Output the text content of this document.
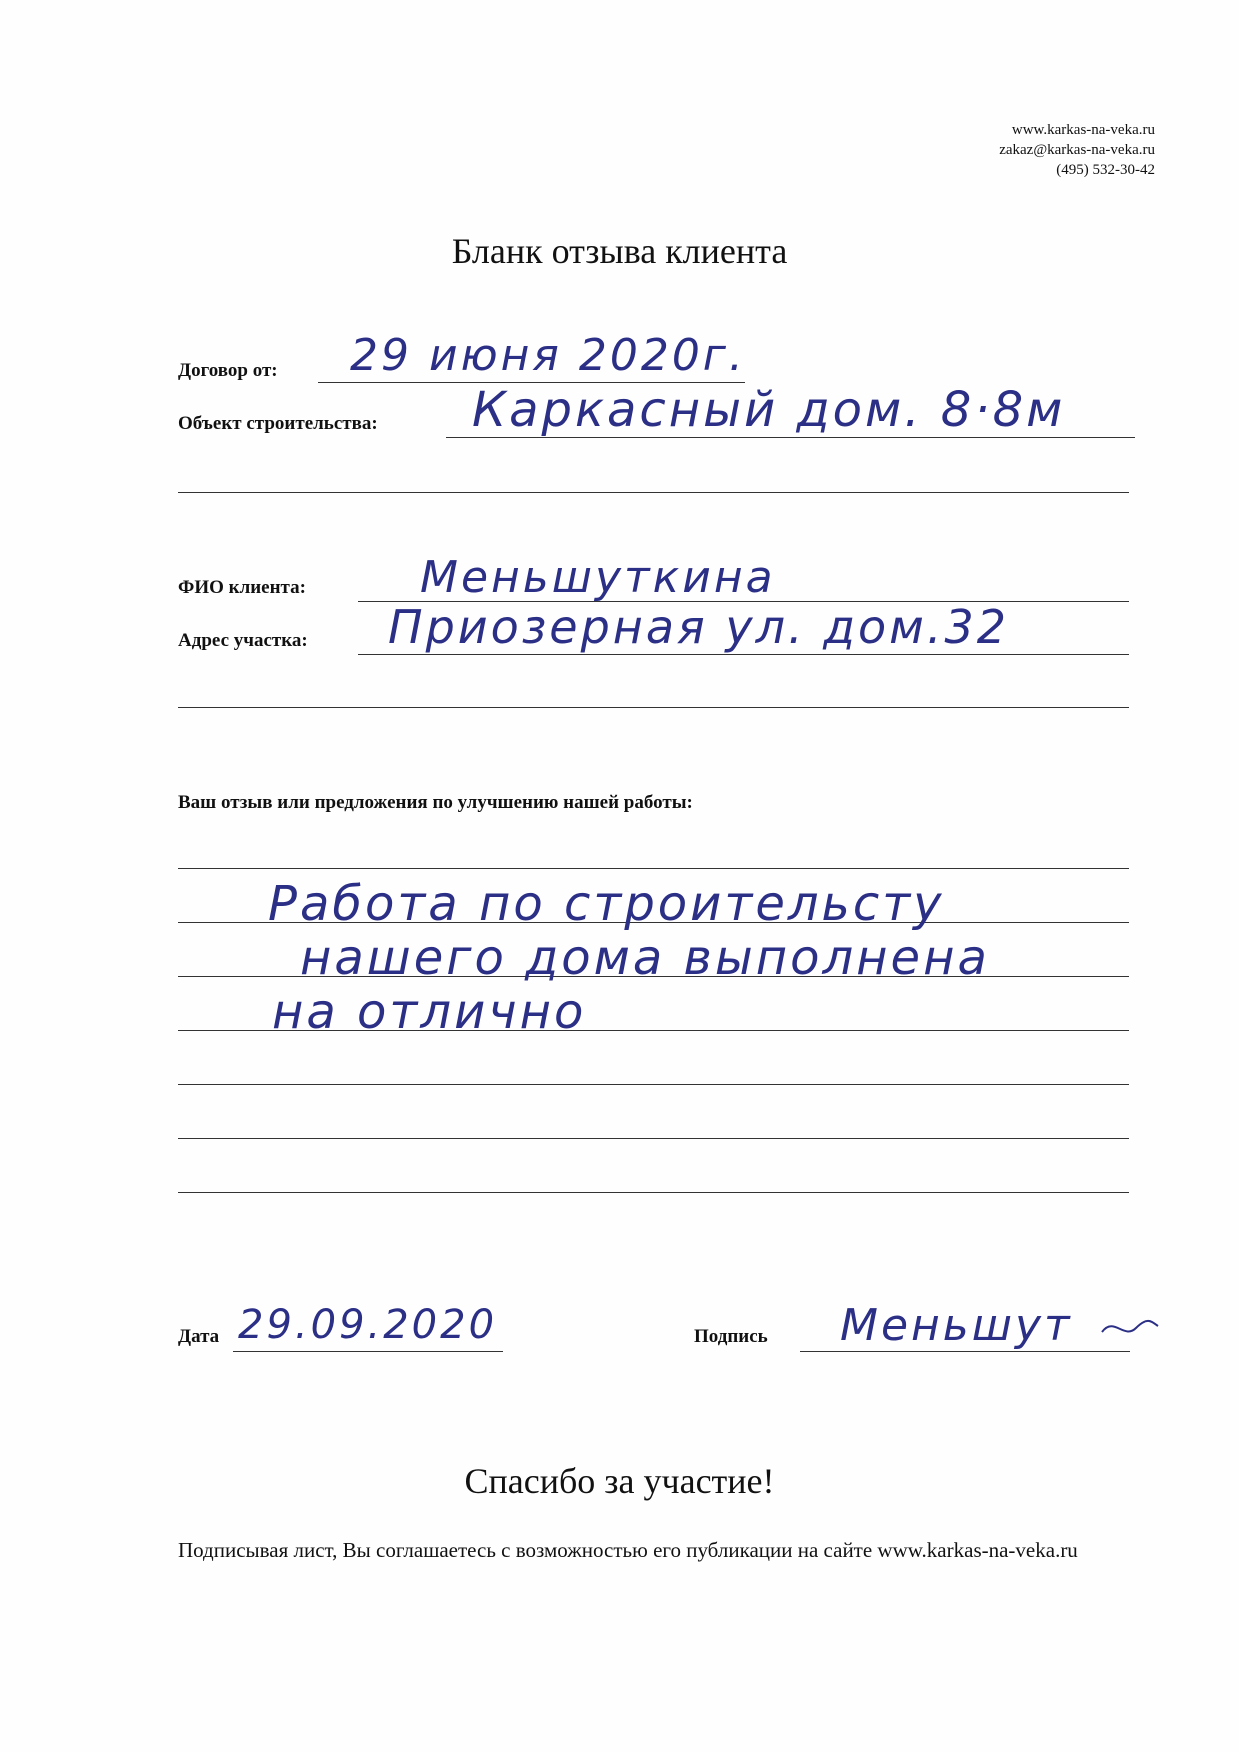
www.karkas-na-veka.ru
zakaz@karkas-na-veka.ru
(495) 532-30-42
Бланк отзыва клиента
Договор от: 29 июня 2020г.
Объект строительства: Каркасный дом. 8·8м
ФИО клиента:	Меньшуткина
Адрес участка: Приозерная ул. дом.32
Ваш отзыв или предложения по улучшению нашей работы:
Работа по строительсту
нашего дома выполнена
на отлично
Дата 29.09.2020	Подпись Меньшут
Спасибо за участие!
Подписывая лист, Вы соглашаетесь с возможностью его публикации на сайте www.karkas-na-veka.ru
